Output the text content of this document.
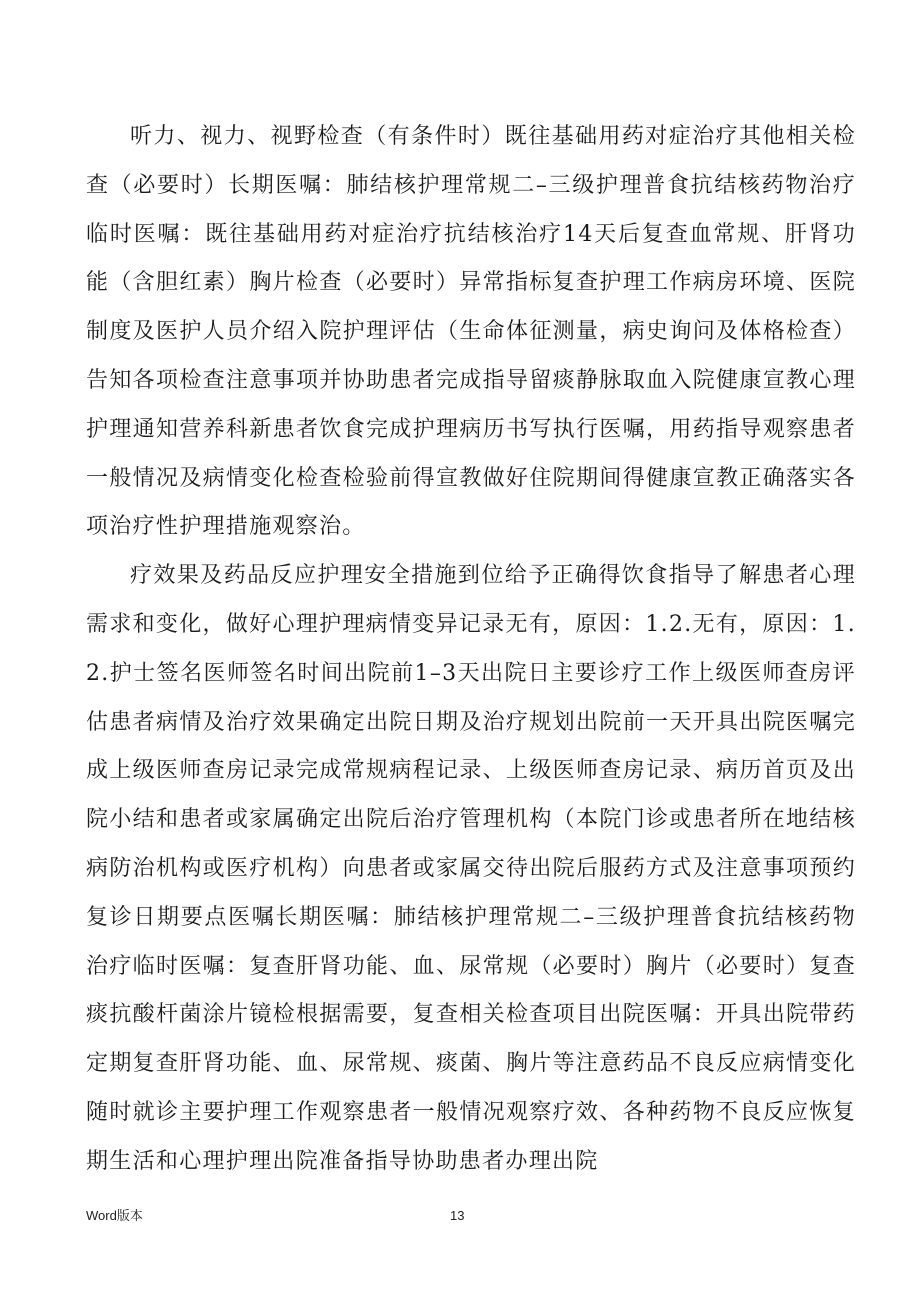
听力、视力、视野检查（有条件时）既往基础用药对症治疗其他相关检查（必要时）长期医嘱：肺结核护理常规二–三级护理普食抗结核药物治疗临时医嘱：既往基础用药对症治疗抗结核治疗14天后复查血常规、肝肾功能（含胆红素）胸片检查（必要时）异常指标复查护理工作病房环境、医院制度及医护人员介绍入院护理评估（生命体征测量，病史询问及体格检查）告知各项检查注意事项并协助患者完成指导留痰静脉取血入院健康宣教心理护理通知营养科新患者饮食完成护理病历书写执行医嘱，用药指导观察患者一般情况及病情变化检查检验前得宣教做好住院期间得健康宣教正确落实各项治疗性护理措施观察治。

疗效果及药品反应护理安全措施到位给予正确得饮食指导了解患者心理需求和变化，做好心理护理病情变异记录无有，原因：1.2.无有，原因：1.2.护士签名医师签名时间出院前1–3天出院日主要诊疗工作上级医师查房评估患者病情及治疗效果确定出院日期及治疗规划出院前一天开具出院医嘱完成上级医师查房记录完成常规病程记录、上级医师查房记录、病历首页及出院小结和患者或家属确定出院后治疗管理机构（本院门诊或患者所在地结核病防治机构或医疗机构）向患者或家属交待出院后服药方式及注意事项预约复诊日期要点医嘱长期医嘱：肺结核护理常规二–三级护理普食抗结核药物治疗临时医嘱：复查肝肾功能、血、尿常规（必要时）胸片（必要时）复查痰抗酸杆菌涂片镜检根据需要，复查相关检查项目出院医嘱：开具出院带药定期复查肝肾功能、血、尿常规、痰菌、胸片等注意药品不良反应病情变化随时就诊主要护理工作观察患者一般情况观察疗效、各种药物不良反应恢复期生活和心理护理出院准备指导协助患者办理出院

Word版本	13
